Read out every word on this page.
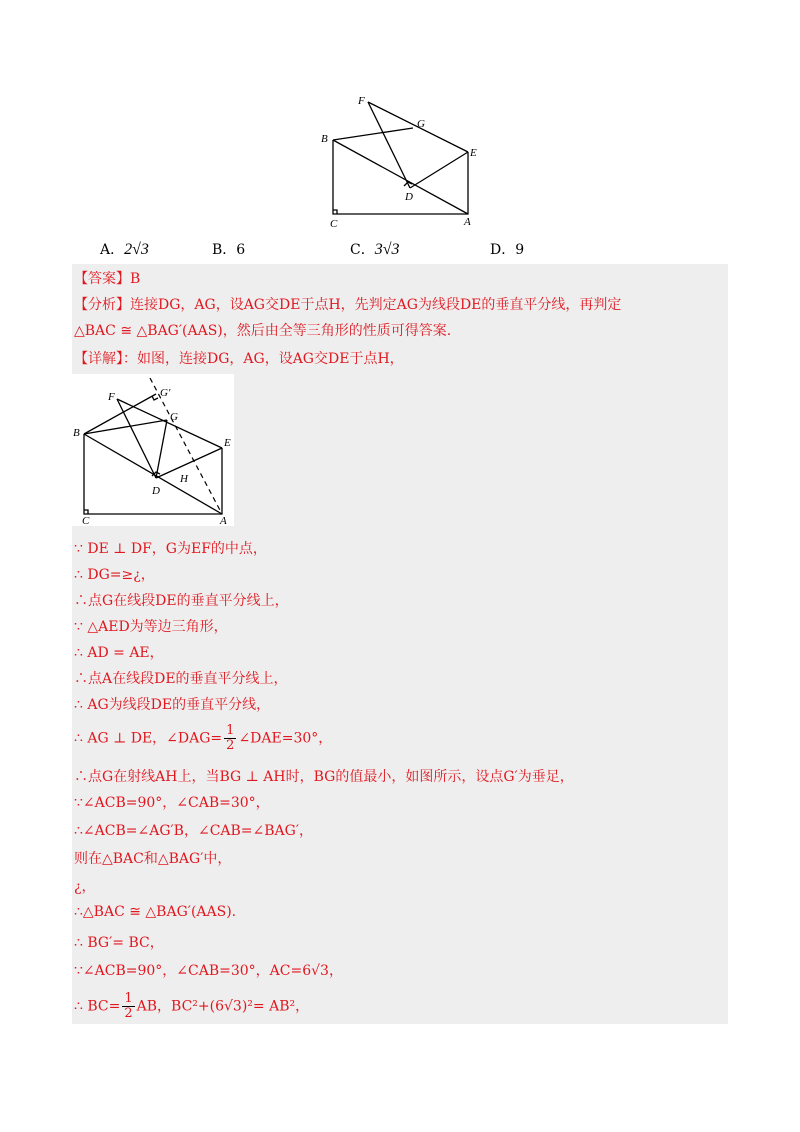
F
G
B
E
D
C	A
A．2√3	B．6	C．3√3	D．9
【答案】B
【分析】连接DG，AG，设AG交DE于点H，先判定AG为线段DE的垂直平分线，再判定
△BAC ≅ △BAG′(AAS)，然后由全等三角形的性质可得答案.
【详解】：如图，连接DG，AG，设AG交DE于点H，
F	G′
G
B
E
H
D
C	A
∵ DE ⊥ DF，G为EF的中点，
∴ DG=≥¿，
∴点G在线段DE的垂直平分线上，
∵ △AED为等边三角形，
∴ AD = AE，
∴点A在线段DE的垂直平分线上，
∴ AG为线段DE的垂直平分线，
∴ AG ⊥ DE，∠DAG= $\frac{1}{2}$ ∠DAE=30°，
∴点G在射线AH上，当BG ⊥ AH时，BG的值最小，如图所示，设点G′为垂足，
∵∠ACB=90°，∠CAB=30°，
∴∠ACB=∠AG′B，∠CAB=∠BAG′，
则在△BAC和△BAG′中，
¿，
∴△BAC ≅ △BAG′(AAS).
∴ BG′= BC，
∵∠ACB=90°，∠CAB=30°，AC=6√3，
∴ $BC= \frac{1}{2}$ AB，BC²+(6√3)²= AB²，
